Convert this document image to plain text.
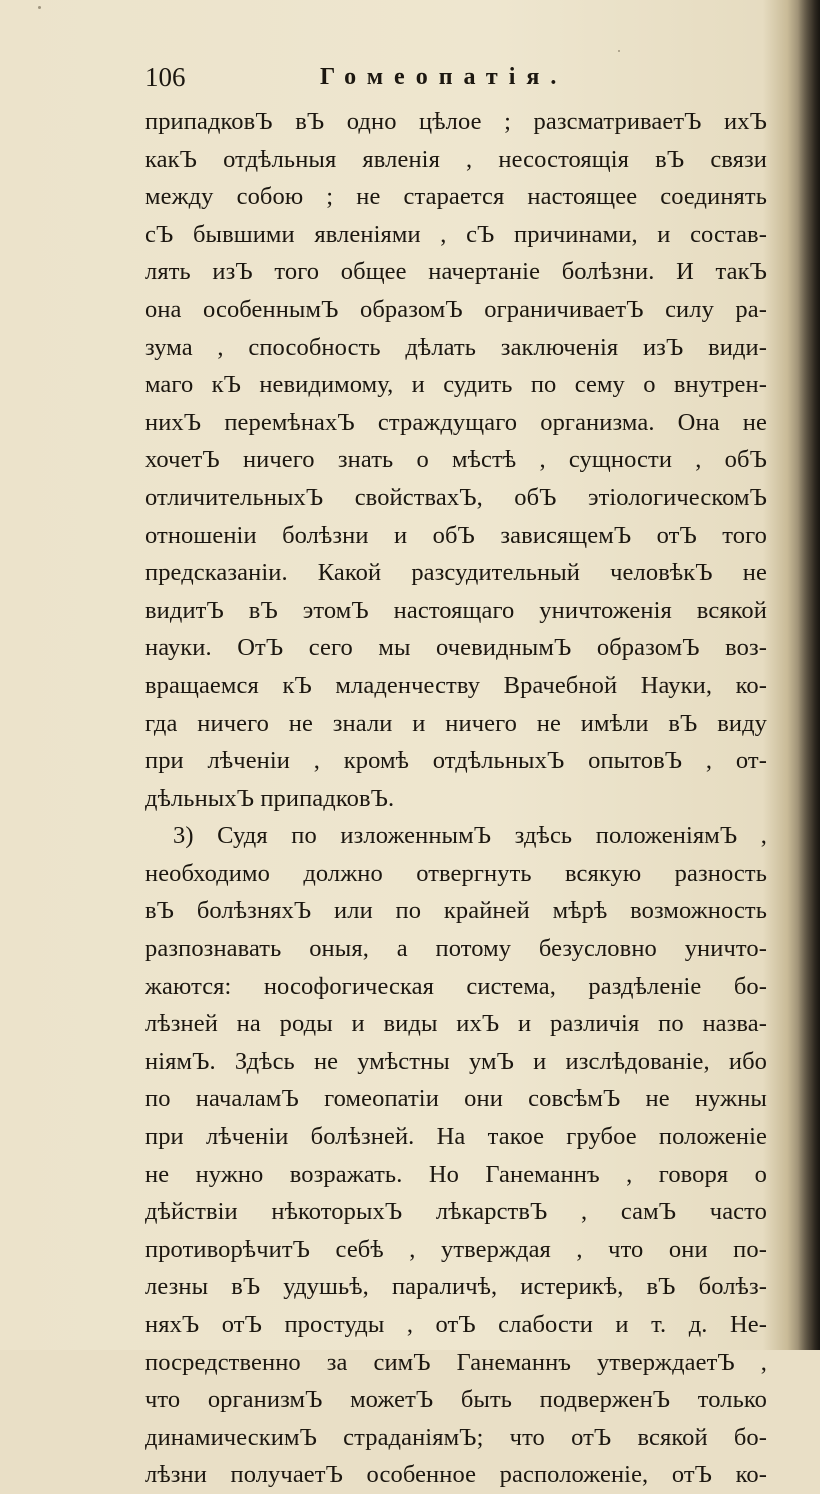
106	Гомеопатія.
припадковЪ вЪ одно цѣлое ; разсматриваетЪ ихЪ
какЪ отдѣльныя явленія , несостоящія вЪ связи
между собою ; не старается настоящее соединять
сЪ бывшими явленіями , сЪ причинами, и состав-
лять изЪ того общее начертаніе болѣзни. И такЪ
она особеннымЪ образомЪ ограничиваетЪ силу ра-
зума , способность дѣлать заключенія изЪ види-
маго кЪ невидимому, и судить по сему о внутрен-
нихЪ перемѣнахЪ страждущаго организма. Она не
хочетЪ ничего знать о мѣстѣ , сущности , обЪ
отличительныхЪ свойствахЪ, обЪ этіологическомЪ
отношеніи болѣзни и обЪ зависящемЪ отЪ того
предсказаніи. Какой разсудительный человѣкЪ не
видитЪ вЪ этомЪ настоящаго уничтоженія всякой
науки. ОтЪ сего мы очевиднымЪ образомЪ воз-
вращаемся кЪ младенчеству Врачебной Науки, ко-
гда ничего не знали и ничего не имѣли вЪ виду
при лѣченіи , кромѣ отдѣльныхЪ опытовЪ , от-
дѣльныхЪ припадковЪ.
3) Судя по изложеннымЪ здѣсь положеніямЪ ,
необходимо должно отвергнуть всякую разность
вЪ болѣзняхЪ или по крайней мѣрѣ возможность
разпознавать оныя, а потому безусловно уничто-
жаются: нософогическая система, раздѣленіе бо-
лѣзней на роды и виды ихЪ и различія по назва-
ніямЪ. Здѣсь не умѣстны умЪ и изслѣдованіе, ибо
по началамЪ гомеопатіи они совсѣмЪ не нужны
при лѣченіи болѣзней. На такое грубое положеніе
не нужно возражать. Но Ганеманнъ , говоря о
дѣйствіи нѣкоторыхЪ лѣкарствЪ , самЪ часто
противорѣчитЪ себѣ , утверждая , что они по-
лезны вЪ удушьѣ, параличѣ, истерикѣ, вЪ болѣз-
няхЪ отЪ простуды , отЪ слабости и т. д. Не-
посредственно за симЪ Ганеманнъ утверждаетЪ ,
что организмЪ можетЪ быть подверженЪ только
динамическимЪ страданіямЪ; что отЪ всякой бо-
лѣзни получаетЪ особенное расположеніе, отЪ ко-
